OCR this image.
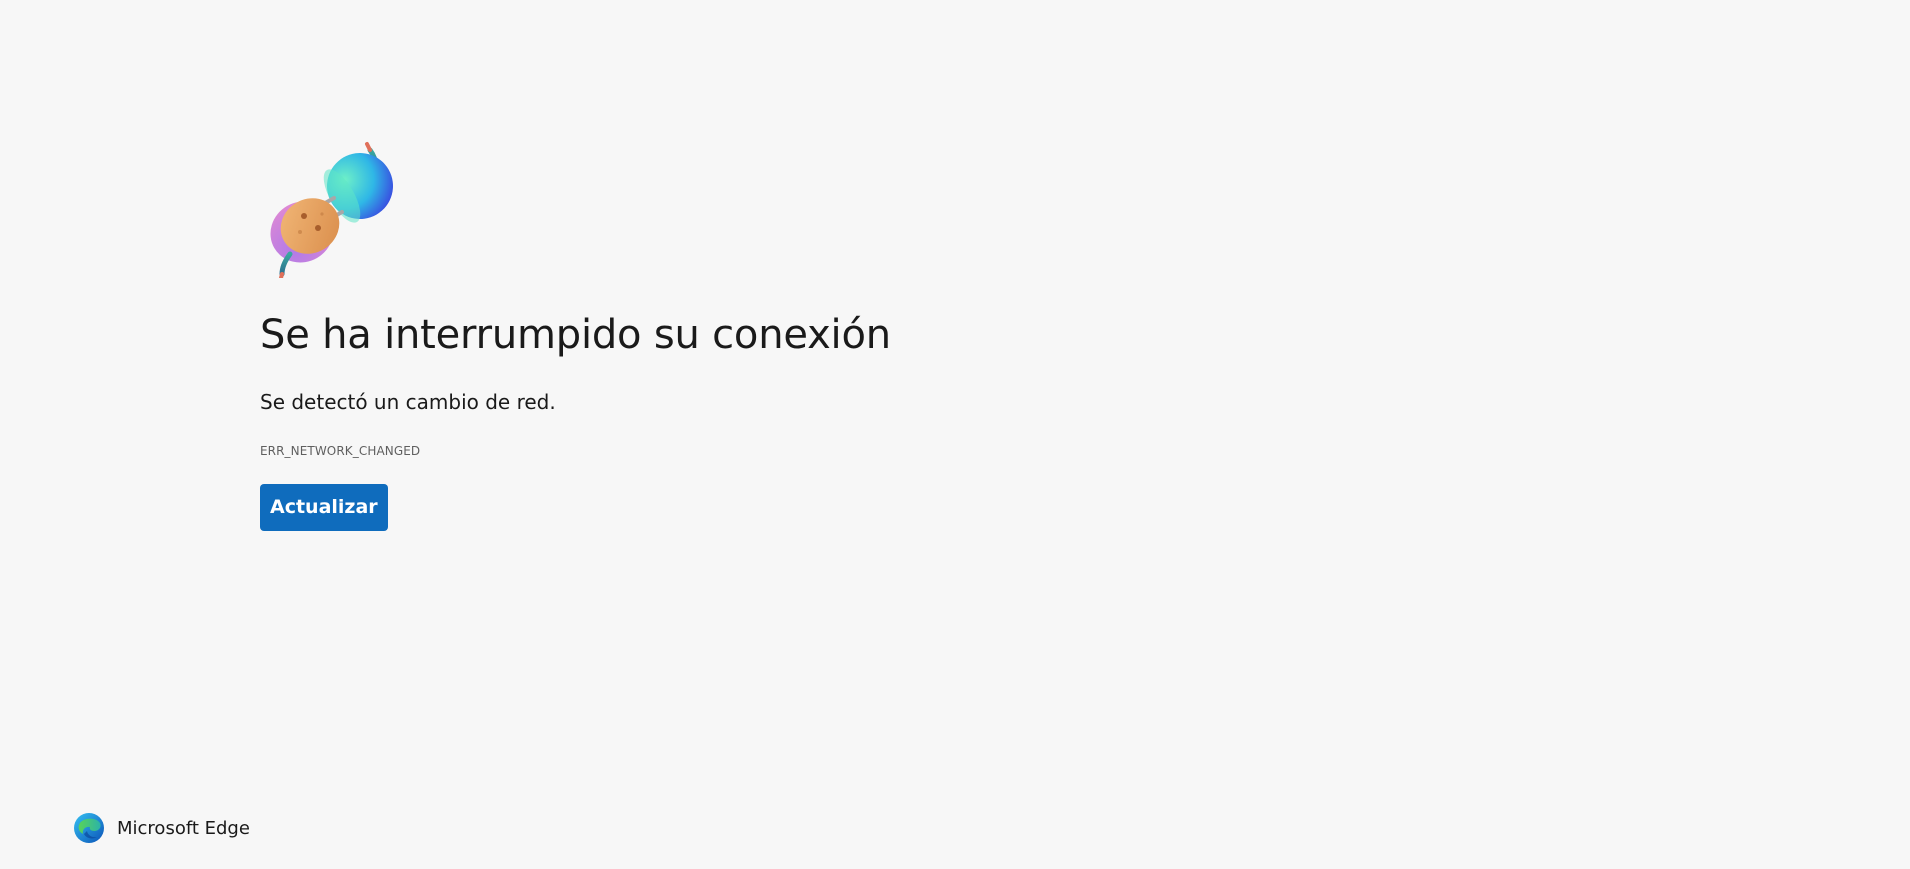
Se ha interrumpido su conexión

Se detectó un cambio de red.

ERR_NETWORK_CHANGED
Actualizar
Microsoft Edge
